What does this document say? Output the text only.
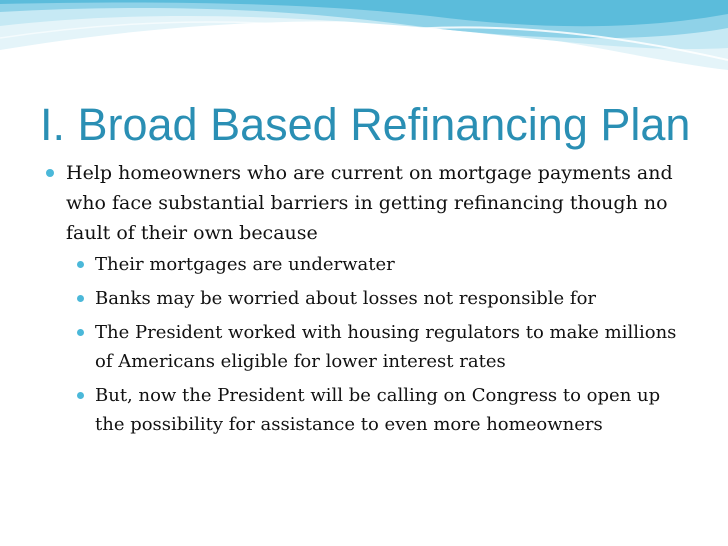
I. Broad Based Refinancing Plan
Help homeowners who are current on mortgage payments and who face substantial barriers in getting refinancing though no fault of their own because
Their mortgages are underwater
Banks may be worried about losses not responsible for
The President worked with housing regulators to make millions of Americans eligible for lower interest rates
But, now the President will be calling on Congress to open up the possibility for assistance to even more homeowners
